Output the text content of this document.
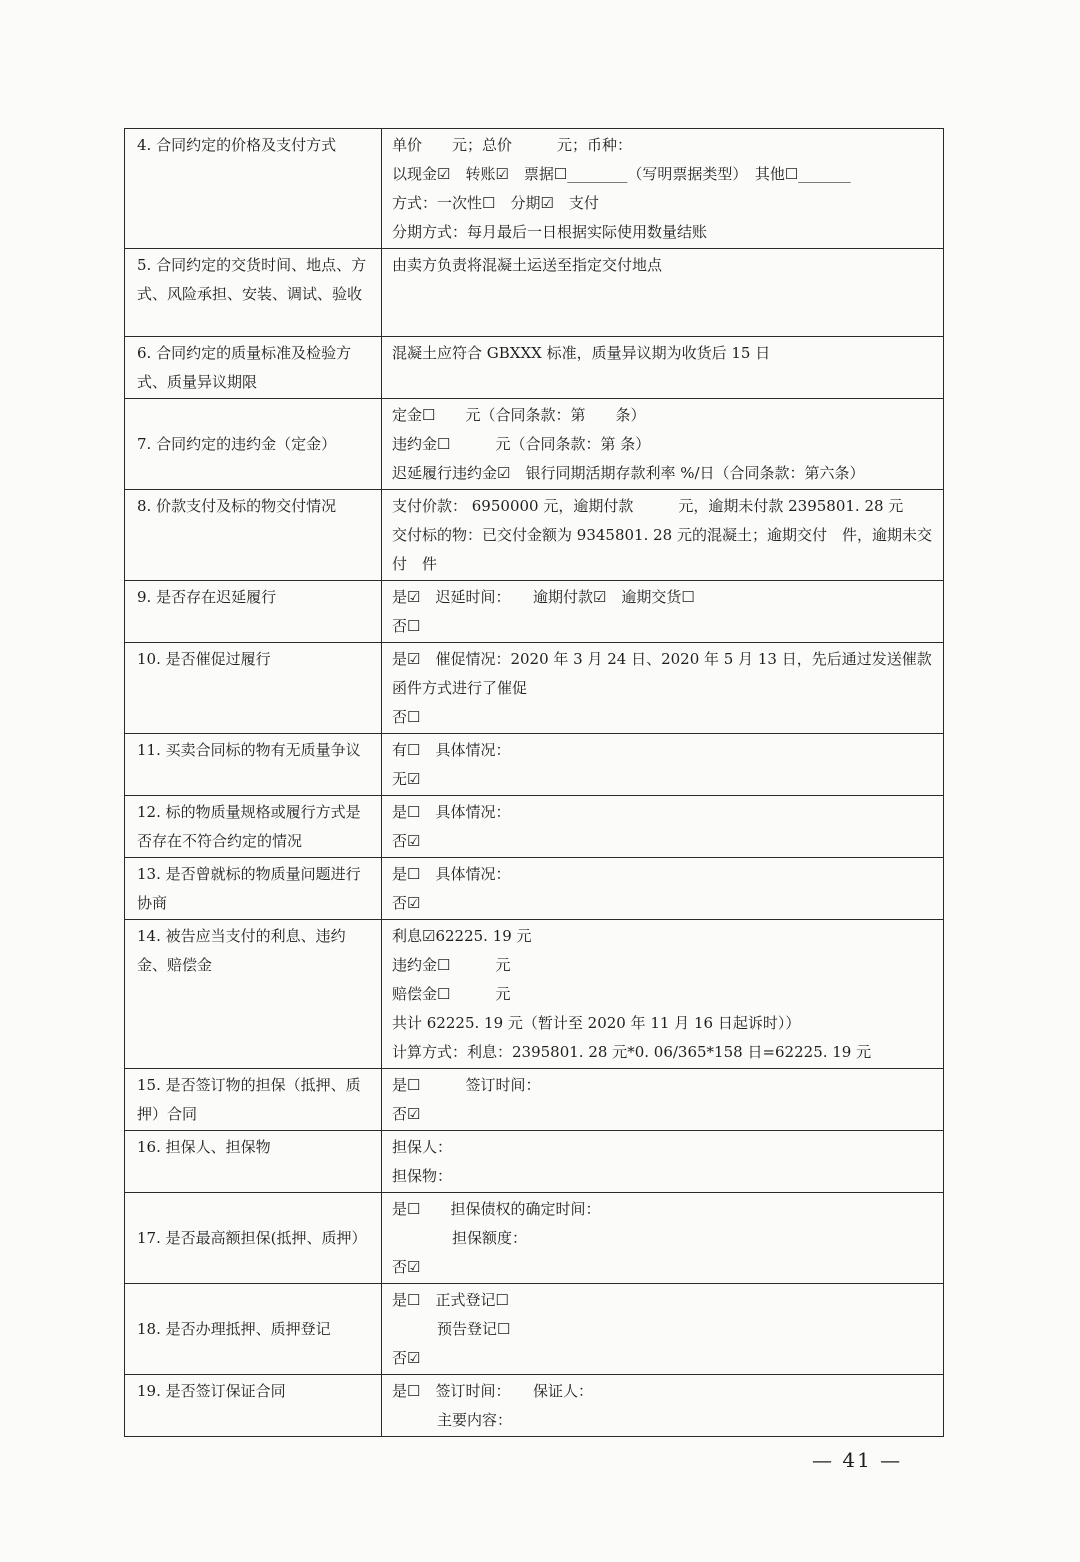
4. 合同约定的价格及支付方式	单价　　元；总价　　　元；币种：
以现金☑　转账☑　票据☐________（写明票据类型）　其他☐_______
方式：一次性☐　分期☑　支付
分期方式：每月最后一日根据实际使用数量结账

5. 合同约定的交货时间、地点、方式、风险承担、安装、调试、验收	由卖方负责将混凝土运送至指定交付地点

6. 合同约定的质量标准及检验方式、质量异议期限	混凝土应符合 GBXXX 标准，质量异议期为收货后 15 日

7. 合同约定的违约金（定金）	定金☐　　元（合同条款：第　　条）
违约金☐　　　元（合同条款：第 条）
迟延履行违约金☑　银行同期活期存款利率 %/日（合同条款：第六条）

8. 价款支付及标的物交付情况	支付价款： 6950000 元，逾期付款　　　元，逾期未付款 2395801. 28 元
交付标的物：已交付金额为 9345801. 28 元的混凝土；逾期交付　件，逾期未交付　件

9. 是否存在迟延履行	是☑　迟延时间：　　逾期付款☑　逾期交货☐
否☐

10. 是否催促过履行	是☑　催促情况：2020 年 3 月 24 日、2020 年 5 月 13 日，先后通过发送催款函件方式进行了催促
否☐

11. 买卖合同标的物有无质量争议	有☐　具体情况：
无☑

12. 标的物质量规格或履行方式是否存在不符合约定的情况	是☐　具体情况：
否☑

13. 是否曾就标的物质量问题进行协商	是☐　具体情况：
否☑

14. 被告应当支付的利息、违约金、赔偿金	利息☑62225. 19 元
违约金☐　　　元
赔偿金☐　　　元
共计 62225. 19 元（暂计至 2020 年 11 月 16 日起诉时））
计算方式：利息：2395801. 28 元*0. 06/365*158 日=62225. 19 元

15. 是否签订物的担保（抵押、质押）合同	是☐　　　签订时间：
否☑

16. 担保人、担保物	担保人：
担保物：

17. 是否最高额担保(抵押、质押）	是☐　　担保债权的确定时间：
　　　　担保额度：
否☑

18. 是否办理抵押、质押登记	是☐　正式登记☐
　　　预告登记☐
否☑

19. 是否签订保证合同	是☐　签订时间：　　保证人：
　　　主要内容：
— 41 —
